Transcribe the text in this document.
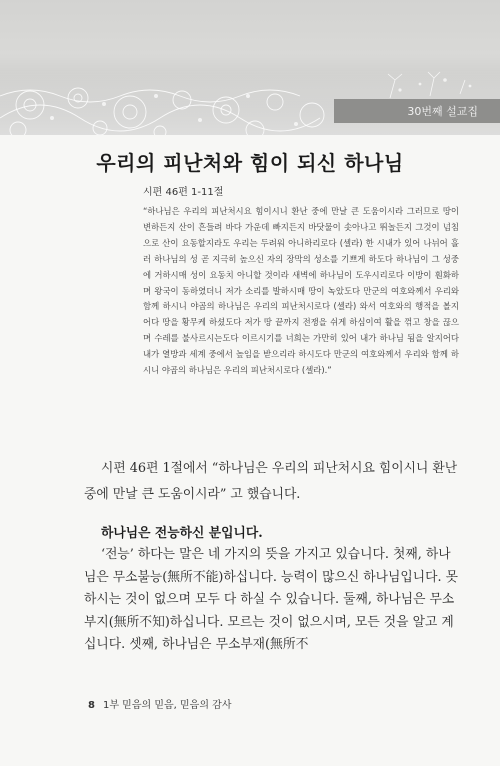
30번째 설교집
우리의 피난처와 힘이 되신 하나님
시편 46편 1-11절

“하나님은 우리의 피난처시요 힘이시니 환난 중에 만날 큰 도움이시라 그러므로 땅이 변하든지 산이 흔들려 바다 가운데 빠지든지 바닷물이 솟아나고 뛰놀든지 그것이 넘침으로 산이 요동할지라도 우리는 두려워 아니하리로다 (셀라) 한 시내가 있어 나뉘어 흘러 하나님의 성 곧 지극히 높으신 자의 장막의 성소를 기쁘게 하도다 하나님이 그 성중에 거하시매 성이 요동치 아니할 것이라 새벽에 하나님이 도우시리로다 이방이 훤화하며 왕국이 동하였더니 저가 소리를 발하시매 땅이 녹았도다 만군의 여호와께서 우리와 함께 하시니 야곱의 하나님은 우리의 피난처시로다 (셀라) 와서 여호와의 행적을 볼지어다 땅을 황무케 하셨도다 저가 땅 끝까지 전쟁을 쉬게 하심이여 활을 꺾고 창을 끊으며 수레를 불사르시는도다 이르시기를 너희는 가만히 있어 내가 하나님 됨을 알지어다 내가 열방과 세계 중에서 높임을 받으리라 하시도다 만군의 여호와께서 우리와 함께 하시니 야곱의 하나님은 우리의 피난처시로다 (셀라).”

시편 46편 1절에서 “하나님은 우리의 피난처시요 힘이시니 환난 중에 만날 큰 도움이시라” 고 했습니다.

하나님은 전능하신 분입니다.

‘전능’ 하다는 말은 네 가지의 뜻을 가지고 있습니다. 첫째, 하나님은 무소불능(無所不能)하십니다. 능력이 많으신 하나님입니다. 못 하시는 것이 없으며 모두 다 하실 수 있습니다. 둘째, 하나님은 무소부지(無所不知)하십니다. 모르는 것이 없으시며, 모든 것을 알고 계십니다. 셋째, 하나님은 무소부재(無所不

8 1부 믿음의 믿음, 믿음의 감사
